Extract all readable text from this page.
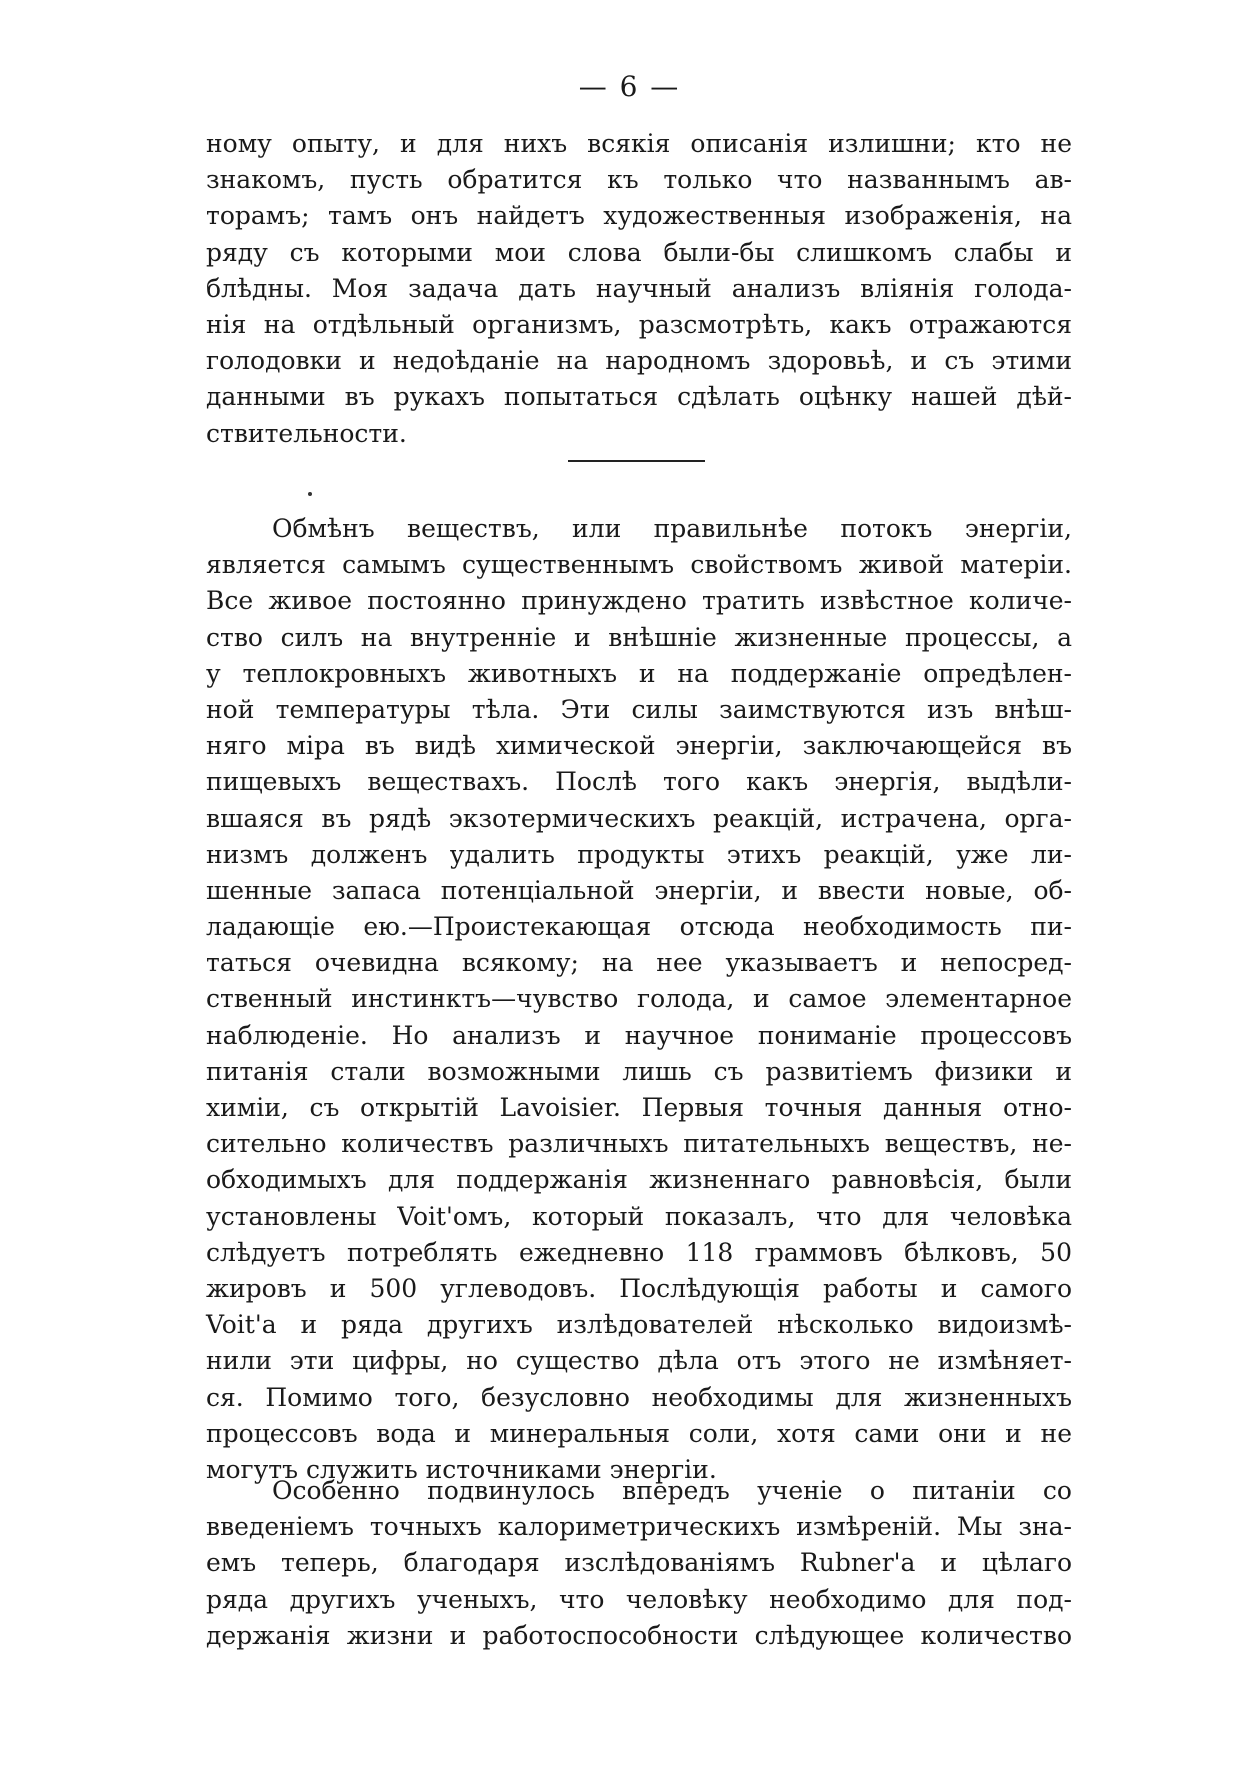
— 6 —
ному опыту, и для нихъ всякія описанія излишни; кто не
знакомъ, пусть обратится къ только что названнымъ ав-
торамъ; тамъ онъ найдетъ художественныя изображенія, на
ряду съ которыми мои слова были-бы слишкомъ слабы и
блѣдны. Моя задача дать научный анализъ вліянія голода-
нія на отдѣльный организмъ, разсмотрѣть, какъ отражаются
голодовки и недоѣданіе на народномъ здоровьѣ, и съ этими
данными въ рукахъ попытаться сдѣлать оцѣнку нашей дѣй-
ствительности.
Обмѣнъ веществъ, или правильнѣе потокъ энергіи,
является самымъ существеннымъ свойствомъ живой матеріи.
Все живое постоянно принуждено тратить извѣстное количе-
ство силъ на внутренніе и внѣшніе жизненные процессы, а
у теплокровныхъ животныхъ и на поддержаніе опредѣлен-
ной температуры тѣла. Эти силы заимствуются изъ внѣш-
няго міра въ видѣ химической энергіи, заключающейся въ
пищевыхъ веществахъ. Послѣ того какъ энергія, выдѣли-
вшаяся въ рядѣ экзотермическихъ реакцій, истрачена, орга-
низмъ долженъ удалить продукты этихъ реакцій, уже ли-
шенные запаса потенціальной энергіи, и ввести новые, об-
ладающіе ею.—Проистекающая отсюда необходимость пи-
таться очевидна всякому; на нее указываетъ и непосред-
ственный инстинктъ—чувство голода, и самое элементарное
наблюденіе. Но анализъ и научное пониманіе процессовъ
питанія стали возможными лишь съ развитіемъ физики и
химіи, съ открытій Lavoisier. Первыя точныя данныя отно-
сительно количествъ различныхъ питательныхъ веществъ, не-
обходимыхъ для поддержанія жизненнаго равновѣсія, были
установлены Voit'омъ, который показалъ, что для человѣка
слѣдуетъ потреблять ежедневно 118 граммовъ бѣлковъ, 50
жировъ и 500 углеводовъ. Послѣдующія работы и самого
Voit'а и ряда другихъ излѣдователей нѣсколько видоизмѣ-
нили эти цифры, но существо дѣла отъ этого не измѣняет-
ся. Помимо того, безусловно необходимы для жизненныхъ
процессовъ вода и минеральныя соли, хотя сами они и не
могутъ служить источниками энергіи.
Особенно подвинулось впередъ ученіе о питаніи со
введеніемъ точныхъ калориметрическихъ измѣреній. Мы зна-
емъ теперь, благодаря изслѣдованіямъ Rubner'а и цѣлаго
ряда другихъ ученыхъ, что человѣку необходимо для под-
держанія жизни и работоспособности слѣдующее количество
